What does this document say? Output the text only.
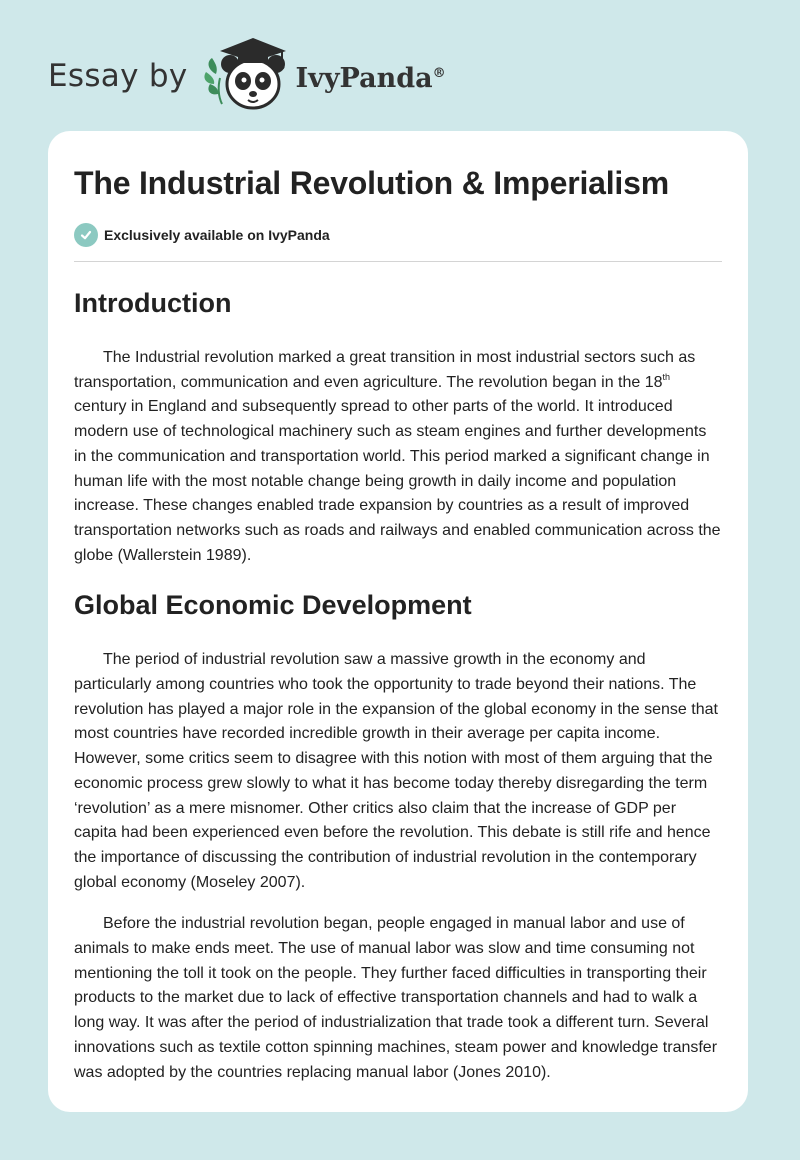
Essay by	IvyPanda®
The Industrial Revolution & Imperialism
Exclusively available on IvyPanda
Introduction

The Industrial revolution marked a great transition in most industrial sectors such as transportation, communication and even agriculture. The revolution began in the 18th century in England and subsequently spread to other parts of the world. It introduced modern use of technological machinery such as steam engines and further developments in the communication and transportation world. This period marked a significant change in human life with the most notable change being growth in daily income and population increase. These changes enabled trade expansion by countries as a result of improved transportation networks such as roads and railways and enabled communication across the globe (Wallerstein 1989).

Global Economic Development

The period of industrial revolution saw a massive growth in the economy and particularly among countries who took the opportunity to trade beyond their nations. The revolution has played a major role in the expansion of the global economy in the sense that most countries have recorded incredible growth in their average per capita income. However, some critics seem to disagree with this notion with most of them arguing that the economic process grew slowly to what it has become today thereby disregarding the term ‘revolution’ as a mere misnomer. Other critics also claim that the increase of GDP per capita had been experienced even before the revolution. This debate is still rife and hence the importance of discussing the contribution of industrial revolution in the contemporary global economy (Moseley 2007).

Before the industrial revolution began, people engaged in manual labor and use of animals to make ends meet. The use of manual labor was slow and time consuming not mentioning the toll it took on the people. They further faced difficulties in transporting their products to the market due to lack of effective transportation channels and had to walk a long way. It was after the period of industrialization that trade took a different turn. Several innovations such as textile cotton spinning machines, steam power and knowledge transfer was adopted by the countries replacing manual labor (Jones 2010).
